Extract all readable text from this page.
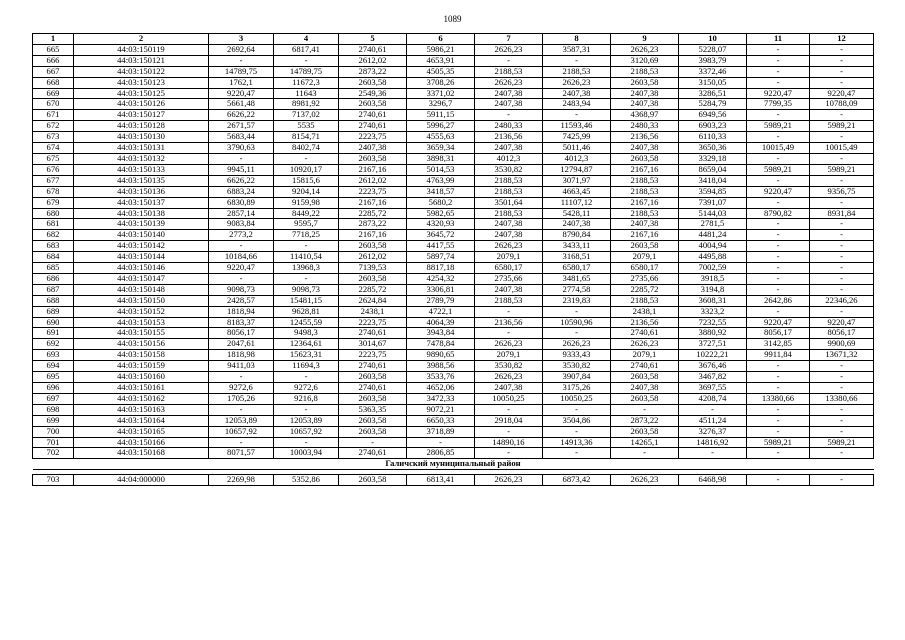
1089
1	2	3	4	5	6	7	8	9	10	11	12
665	44:03:150119	2692,64	6817,41	2740,61	5986,21	2626,23	3587,31	2626,23	5228,07	-	-
666	44:03:150121	-	-	2612,02	4653,91	-	-	3120,69	3983,79	-	-
667	44:03:150122	14789,75	14789,75	2873,22	4505,35	2188,53	2188,53	2188,53	3372,46	-	-
668	44:03:150123	1762,1	11672,3	2603,58	3708,26	2626,23	2626,23	2603,58	3150,05	-	-
669	44:03:150125	9220,47	11643	2549,36	3371,02	2407,38	2407,38	2407,38	3286,51	9220,47	9220,47
670	44:03:150126	5661,48	8981,92	2603,58	3296,7	2407,38	2483,94	2407,38	5284,79	7799,35	10788,09
671	44:03:150127	6626,22	7137,02	2740,61	5911,15	-	-	4368,97	6949,56	-	-
672	44:03:150128	2671,57	5535	2740,61	5996,27	2480,33	11593,46	2480,33	6903,23	5989,21	5989,21
673	44:03:150130	5683,44	8154,71	2223,75	4555,63	2136,56	7425,99	2136,56	6110,33	-	-
674	44:03:150131	3790,63	8402,74	2407,38	3659,34	2407,38	5011,46	2407,38	3650,36	10015,49	10015,49
675	44:03:150132	-	-	2603,58	3898,31	4012,3	4012,3	2603,58	3329,18	-	-
676	44:03:150133	9945,11	10920,17	2167,16	5014,53	3530,82	12794,87	2167,16	8659,04	5989,21	5989,21
677	44:03:150135	6626,22	15815,6	2612,02	4763,99	2188,53	3071,97	2188,53	3418,04	-	-
678	44:03:150136	6883,24	9204,14	2223,75	3418,57	2188,53	4663,45	2188,53	3594,85	9220,47	9356,75
679	44:03:150137	6830,89	9159,98	2167,16	5680,2	3501,64	11107,12	2167,16	7391,07	-	-
680	44:03:150138	2857,14	8449,22	2285,72	5982,65	2188,53	5428,11	2188,53	5144,03	8790,82	8931,84
681	44:03:150139	9083,84	9595,7	2873,22	4320,93	2407,38	2407,38	2407,38	2781,5	-	-
682	44:03:150140	2773,2	7718,25	2167,16	3645,72	2407,38	8790,84	2167,16	4481,24	-	-
683	44:03:150142	-	-	2603,58	4417,55	2626,23	3433,11	2603,58	4004,94	-	-
684	44:03:150144	10184,66	11410,54	2612,02	5897,74	2079,1	3168,51	2079,1	4495,88	-	-
685	44:03:150146	9220,47	13968,3	7139,53	8817,18	6580,17	6580,17	6580,17	7002,59	-	-
686	44:03:150147	-	-	2603,58	4254,32	2735,66	3481,65	2735,66	3918,5	-	-
687	44:03:150148	9098,73	9098,73	2285,72	3306,81	2407,38	2774,58	2285,72	3194,8	-	-
688	44:03:150150	2428,57	15481,15	2624,84	2789,79	2188,53	2319,83	2188,53	3608,31	2642,86	22346,26
689	44:03:150152	1818,94	9628,81	2438,1	4722,1	-	-	2438,1	3323,2	-	-
690	44:03:150153	8183,37	12455,59	2223,75	4064,39	2136,56	10590,96	2136,56	7232,55	9220,47	9220,47
691	44:03:150155	8056,17	9498,3	2740,61	3943,84	-	-	2740,61	3880,92	8056,17	8056,17
692	44:03:150156	2047,61	12364,61	3014,67	7478,84	2626,23	2626,23	2626,23	3727,51	3142,85	9900,69
693	44:03:150158	1818,98	15623,31	2223,75	9890,65	2079,1	9333,43	2079,1	10222,21	9911,84	13671,32
694	44:03:150159	9411,03	11694,3	2740,61	3988,56	3530,82	3530,82	2740,61	3676,46	-	-
695	44:03:150160	-	-	2603,58	3533,76	2626,23	3907,84	2603,58	3467,82	-	-
696	44:03:150161	9272,6	9272,6	2740,61	4652,06	2407,38	3175,26	2407,38	3697,55	-	-
697	44:03:150162	1705,26	9216,8	2603,58	3472,33	10050,25	10050,25	2603,58	4208,74	13380,66	13380,66
698	44:03:150163	-	-	5363,35	9072,21	-	-	-	-	-	-
699	44:03:150164	12053,89	12053,89	2603,58	6650,33	2918,04	3504,86	2873,22	4511,24	-	-
700	44:03:150165	10657,92	10657,92	2603,58	3718,89	-	-	2603,58	3276,37	-	-
701	44:03:150166	-	-	-	-	14890,16	14913,36	14265,1	14816,92	5989,21	5989,21
702	44:03:150168	8071,57	10003,94	2740,61	2806,85	-	-	-	-	-	-
Галичский муниципальный район											

703	44:04:000000	2269,98	5352,86	2603,58	6813,41	2626,23	6873,42	2626,23	6468,98	-	-
